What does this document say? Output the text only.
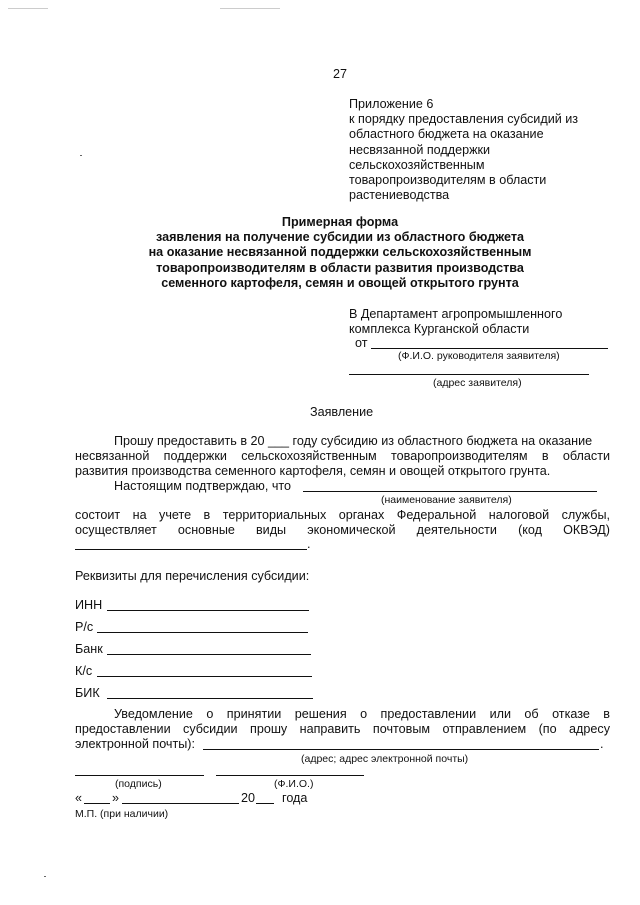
27
Приложение 6
к порядку предоставления субсидий из
областного бюджета на оказание
несвязанной поддержки
сельскохозяйственным
товаропроизводителям в области
растениеводства
Примерная форма
заявления на получение субсидии из областного бюджета
на оказание несвязанной поддержки сельскохозяйственным
товаропроизводителям в области развития производства
семенного картофеля, семян и овощей открытого грунта
В Департамент агропромышленного
комплекса Курганской области
от
(Ф.И.О. руководителя заявителя)
(адрес заявителя)
Заявление
Прошу предоставить в 20 ___ году субсидию из областного бюджета на оказание
несвязанной поддержки сельскохозяйственным товаропроизводителям в области
развития производства семенного картофеля, семян и овощей открытого грунта.
Настоящим подтверждаю, что
(наименование заявителя)
состоит на учете в территориальных органах Федеральной налоговой службы,
осуществляет основные виды экономической деятельности (код ОКВЭД)
.
Реквизиты для перечисления субсидии:
ИНН
Р/с
Банк
К/с
БИК
Уведомление о принятии решения о предоставлении или об отказе в
предоставлении субсидии прошу направить почтовым отправлением (по адресу
электронной почты):	.
(адрес; адрес электронной почты)
(подпись)	(Ф.И.О.)
« »	20 года
М.П. (при наличии)
